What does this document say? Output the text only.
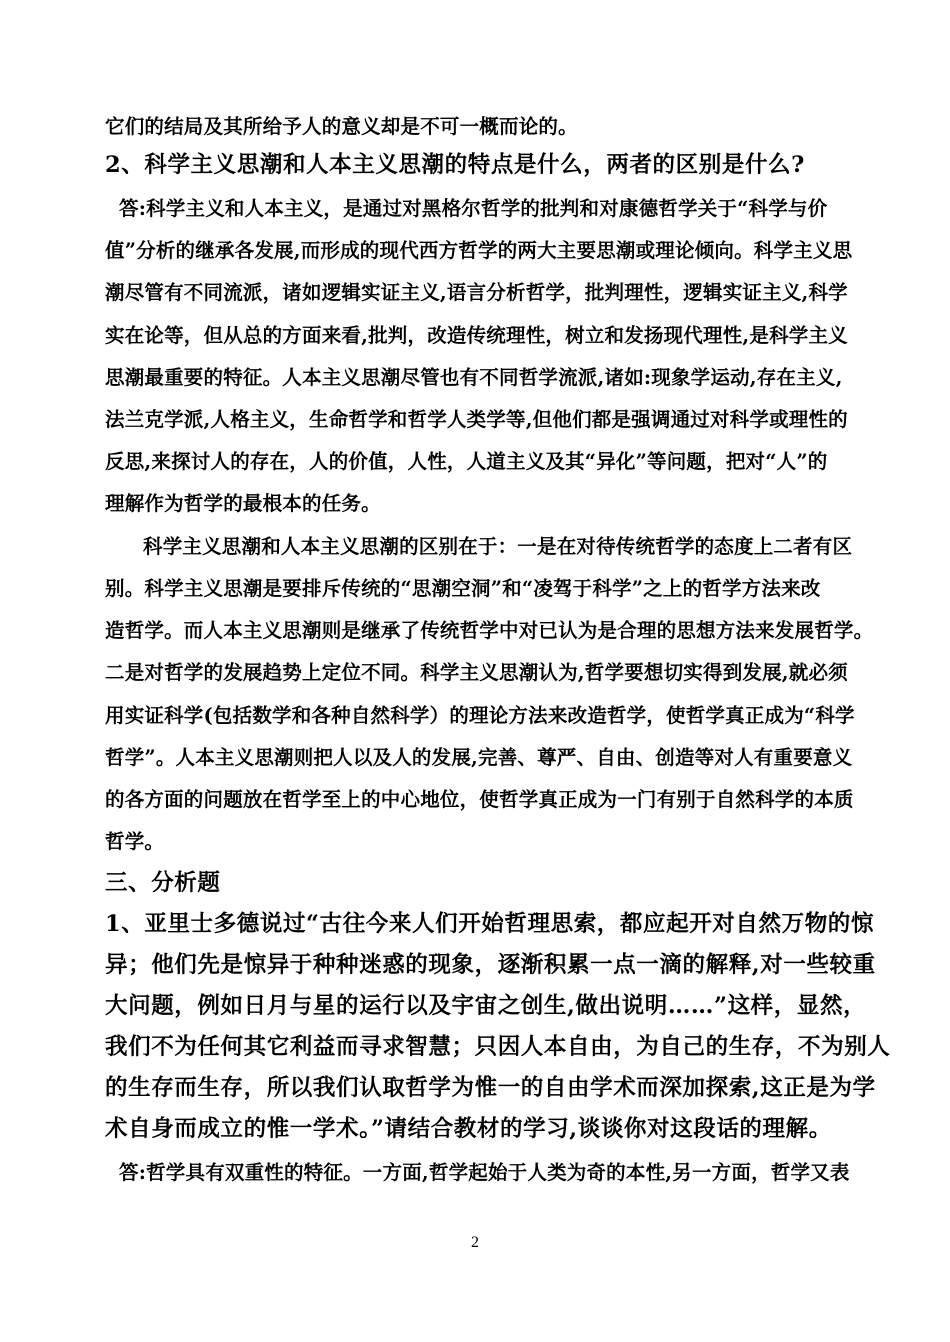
它们的结局及其所给予人的意义却是不可一概而论的。
2、科学主义思潮和人本主义思潮的特点是什么，两者的区别是什么?
答:科学主义和人本主义，是通过对黑格尔哲学的批判和对康德哲学关于“科学与价
值”分析的继承各发展,而形成的现代西方哲学的两大主要思潮或理论倾向。科学主义思
潮尽管有不同流派，诸如逻辑实证主义,语言分析哲学，批判理性，逻辑实证主义,科学
实在论等，但从总的方面来看,批判，改造传统理性，树立和发扬现代理性,是科学主义
思潮最重要的特征。人本主义思潮尽管也有不同哲学流派,诸如:现象学运动,存在主义,
法兰克学派,人格主义，生命哲学和哲学人类学等,但他们都是强调通过对科学或理性的
反思,来探讨人的存在，人的价值，人性，人道主义及其“异化”等问题，把对“人”的
理解作为哲学的最根本的任务。
科学主义思潮和人本主义思潮的区别在于：一是在对待传统哲学的态度上二者有区
别。科学主义思潮是要排斥传统的“思潮空洞”和“凌驾于科学”之上的哲学方法来改
造哲学。而人本主义思潮则是继承了传统哲学中对已认为是合理的思想方法来发展哲学。
二是对哲学的发展趋势上定位不同。科学主义思潮认为,哲学要想切实得到发展,就必须
用实证科学(包括数学和各种自然科学）的理论方法来改造哲学，使哲学真正成为“科学
哲学”。人本主义思潮则把人以及人的发展,完善、尊严、自由、创造等对人有重要意义
的各方面的问题放在哲学至上的中心地位，使哲学真正成为一门有别于自然科学的本质
哲学。
三、分析题
1、亚里士多德说过“古往今来人们开始哲理思索，都应起开对自然万物的惊
异；他们先是惊异于种种迷惑的现象，逐渐积累一点一滴的解释,对一些较重
大问题，例如日月与星的运行以及宇宙之创生,做出说明……”这样，显然，
我们不为任何其它利益而寻求智慧；只因人本自由，为自己的生存，不为别人
的生存而生存，所以我们认取哲学为惟一的自由学术而深加探索,这正是为学
术自身而成立的惟一学术。”请结合教材的学习,谈谈你对这段话的理解。
答:哲学具有双重性的特征。一方面,哲学起始于人类为奇的本性,另一方面，哲学又表
2
